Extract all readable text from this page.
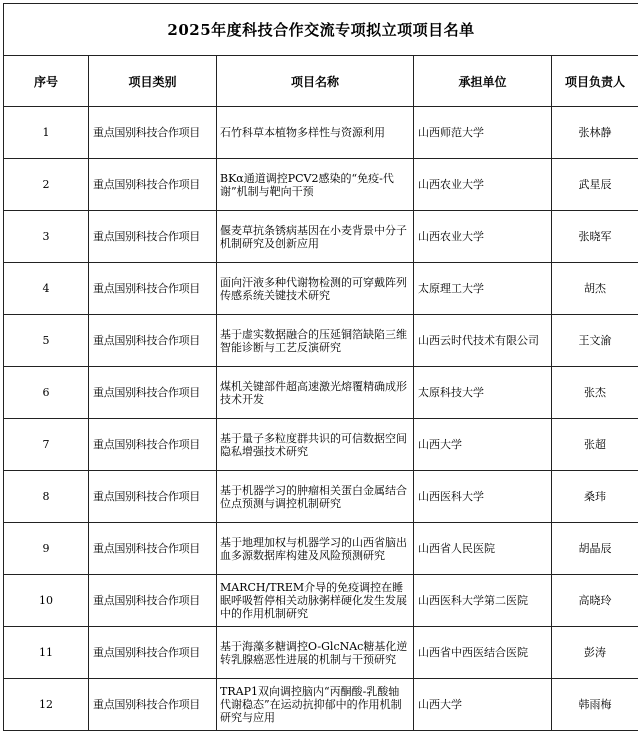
2025年度科技合作交流专项拟立项项目名单				
序号	项目类别	项目名称	承担单位	项目负责人
1	重点国别科技合作项目	石竹科草本植物多样性与资源利用	山西师范大学	张林静
2	重点国别科技合作项目	BKα通道调控PCV2感染的“免疫-代谢”机制与靶向干预	山西农业大学	武星辰
3	重点国别科技合作项目	偃麦草抗条锈病基因在小麦背景中分子机制研究及创新应用	山西农业大学	张晓军
4	重点国别科技合作项目	面向汗液多种代谢物检测的可穿戴阵列传感系统关键技术研究	太原理工大学	胡杰
5	重点国别科技合作项目	基于虚实数据融合的压延铜箔缺陷三维智能诊断与工艺反演研究	山西云时代技术有限公司	王文渝
6	重点国别科技合作项目	煤机关键部件超高速激光熔覆精确成形技术开发	太原科技大学	张杰
7	重点国别科技合作项目	基于量子多粒度群共识的可信数据空间隐私增强技术研究	山西大学	张超
8	重点国别科技合作项目	基于机器学习的肿瘤相关蛋白金属结合位点预测与调控机制研究	山西医科大学	桑玮
9	重点国别科技合作项目	基于地理加权与机器学习的山西省脑出血多源数据库构建及风险预测研究	山西省人民医院	胡晶辰
10	重点国别科技合作项目	MARCH/TREM介导的免疫调控在睡眠呼吸暂停相关动脉粥样硬化发生发展中的作用机制研究	山西医科大学第二医院	高晓玲
11	重点国别科技合作项目	基于海藻多糖调控O-GlcNAc糖基化逆转乳腺癌恶性进展的机制与干预研究	山西省中西医结合医院	彭涛
12	重点国别科技合作项目	TRAP1双向调控脑内“丙酮酸-乳酸轴代谢稳态”在运动抗抑郁中的作用机制研究与应用	山西大学	韩雨梅
